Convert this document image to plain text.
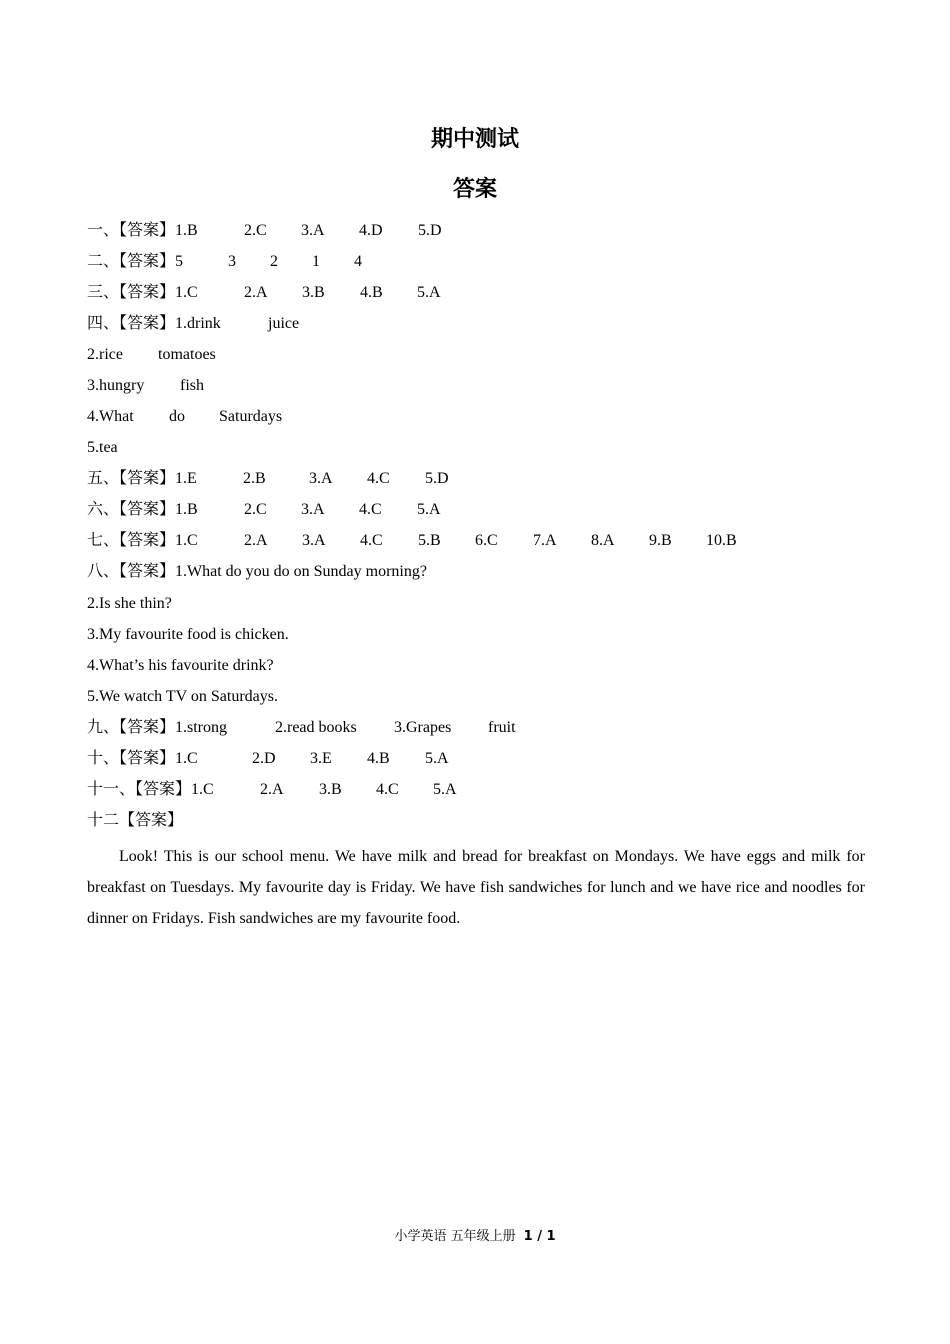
期中测试
答案
一、【答案】1.B	2.C 3.A 4.D 5.D
二、【答案】5	3 2 1 4
三、【答案】1.C	2.A 3.B 4.B 5.A
四、【答案】1.drink	juice
2.rice tomatoes
3.hungry fish
4.What do Saturdays
5.tea
五、【答案】1.E	2.B	3.A 4.C 5.D
六、【答案】1.B	2.C 3.A 4.C 5.A
七、【答案】1.C	2.A 3.A 4.C 5.B 6.C 7.A 8.A 9.B 10.B
八、【答案】1.What do you do on Sunday morning?
2.Is she thin?
3.My favourite food is chicken.
4.What’s his favourite drink?
5.We watch TV on Saturdays.
九、【答案】1.strong	2.read books 3.Grapes fruit
十、【答案】1.C	2.D 3.E 4.B 5.A
十一、【答案】1.C	2.A 3.B 4.C 5.A
十二【答案】
Look! This is our school menu. We have milk and bread for breakfast on Mondays. We have eggs and milk for breakfast on Tuesdays. My favourite day is Friday. We have fish sandwiches for lunch and we have rice and noodles for dinner on Fridays. Fish sandwiches are my favourite food.
小学英语 五年级上册 1 / 1
